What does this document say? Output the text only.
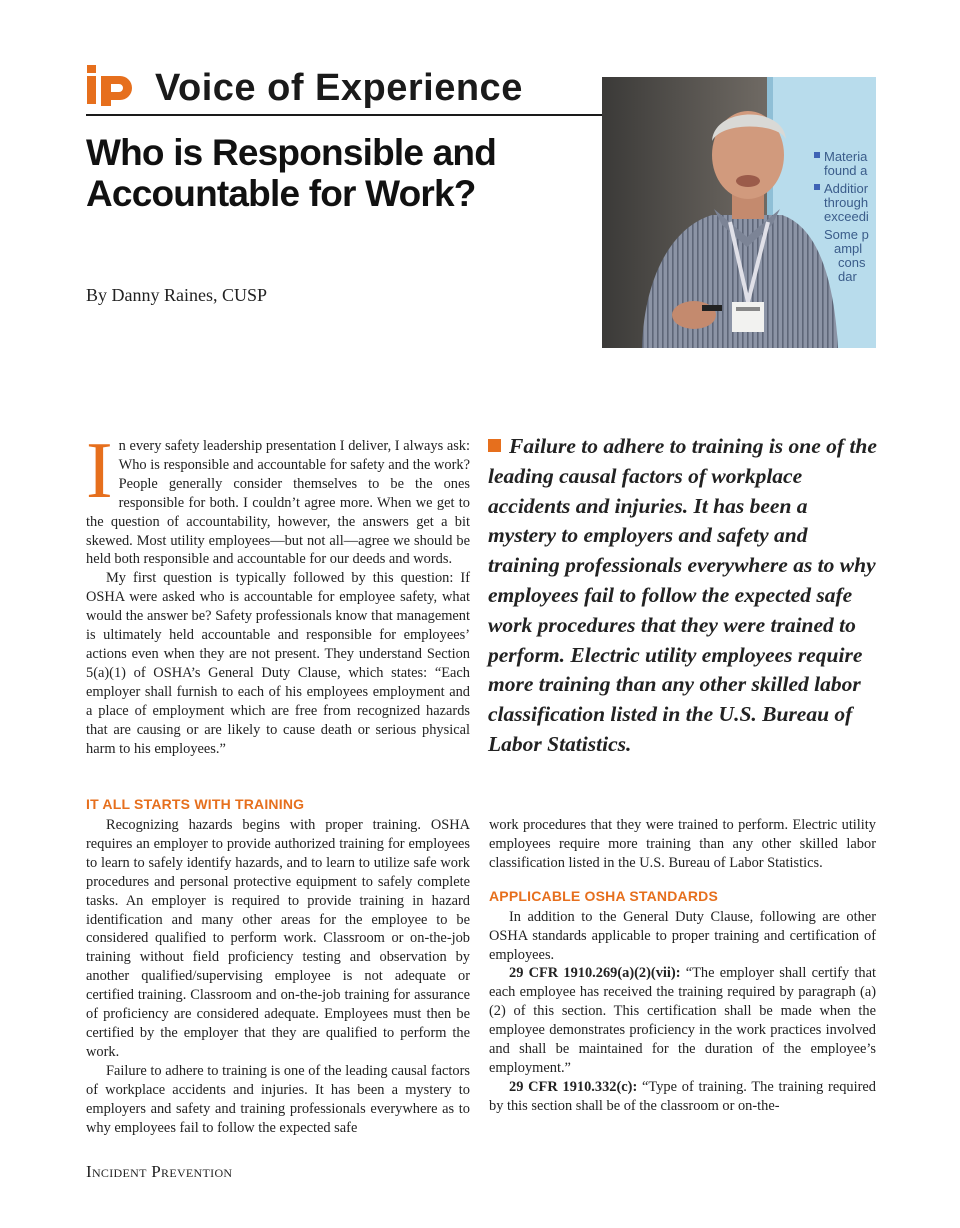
Voice of Experience
Who is Responsible and Accountable for Work?
By Danny Raines, CUSP
Materia
found a
Additior
through
exceedi
Some p
ampl
cons
dar

In every safety leadership presentation I deliver, I always ask: Who is responsible and accountable for safety and the work? People generally consider themselves to be the ones responsible for both. I couldn’t agree more. When we get to the question of accountability, however, the answers get a bit skewed. Most utility employees—but not all—agree we should be held both responsible and accountable for our deeds and words.

My first question is typically followed by this question: If OSHA were asked who is accountable for employee safety, what would the answer be? Safety professionals know that management is ultimately held accountable and responsible for employees’ actions even when they are not present. They understand Section 5(a)(1) of OSHA’s General Duty Clause, which states: “Each employer shall furnish to each of his employees employment and a place of employment which are free from recognized hazards that are causing or are likely to cause death or serious physical harm to his employees.”

Failure to adhere to training is one of the leading causal factors of workplace accidents and injuries. It has been a mystery to employers and safety and training professionals everywhere as to why employees fail to follow the expected safe work procedures that they were trained to perform. Electric utility employees require more training than any other skilled labor classification listed in the U.S. Bureau of Labor Statistics.
IT ALL STARTS WITH TRAINING

Recognizing hazards begins with proper training. OSHA requires an employer to provide authorized training for employees to learn to safely identify hazards, and to learn to utilize safe work procedures and personal protective equipment to safely complete tasks. An employer is required to provide training in hazard identification and many other areas for the employee to be considered qualified to perform work. Classroom or on-the-job training without field proficiency testing and observation by another qualified/supervising employee is not adequate or certified training. Classroom and on-the-job training for assurance of proficiency are considered adequate. Employees must then be certified by the employer that they are qualified to perform the work.

Failure to adhere to training is one of the leading causal factors of workplace accidents and injuries. It has been a mystery to employers and safety and training professionals everywhere as to why employees fail to follow the expected safe

work procedures that they were trained to perform. Electric utility employees require more training than any other skilled labor classification listed in the U.S. Bureau of Labor Statistics.

APPLICABLE OSHA STANDARDS

In addition to the General Duty Clause, following are other OSHA standards applicable to proper training and certification of employees.

29 CFR 1910.269(a)(2)(vii): “The employer shall certify that each employee has received the training required by paragraph (a)(2) of this section. This certification shall be made when the employee demonstrates proficiency in the work practices involved and shall be maintained for the duration of the employee’s employment.”

29 CFR 1910.332(c): “Type of training. The training required by this section shall be of the classroom or on-the-

Incident Prevention
